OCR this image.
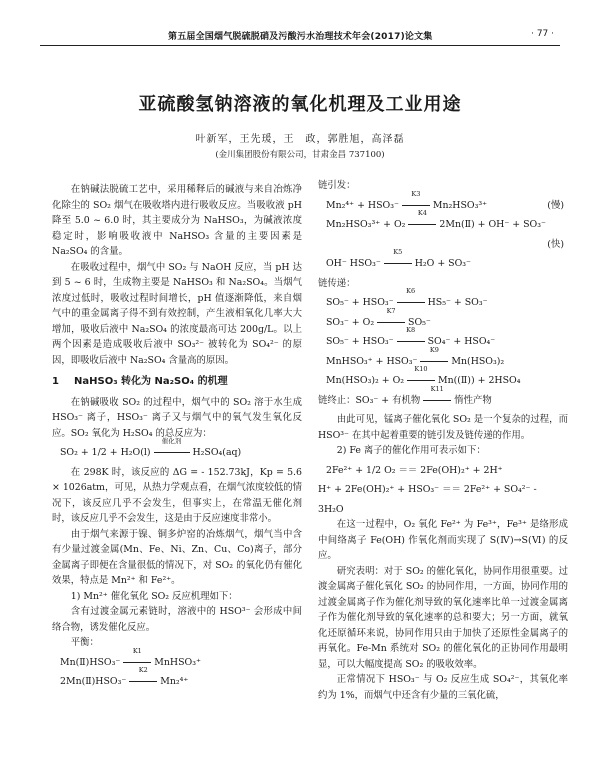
第五届全国烟气脱硫脱硝及污酸污水治理技术年会(2017)论文集	· 77 ·
亚硫酸氢钠溶液的氧化机理及工业用途
叶新军，王先瑗，王　政，郭胜旭，高泽磊
(金川集团股份有限公司，甘肃金昌 737100)

在钠碱法脱硫工艺中，采用稀释后的碱液与来自冶炼净化除尘的 SO₂ 烟气在吸收塔内进行吸收反应。当吸收液 pH 降至 5.0 ~ 6.0 时，其主要成分为 NaHSO₃，为碱液浓度稳定时，影响吸收液中 NaHSO₃ 含量的主要因素是 Na₂SO₄ 的含量。

在吸收过程中，烟气中 SO₂ 与 NaOH 反应，当 pH 达到 5 ~ 6 时，生成物主要是 NaHSO₃ 和 Na₂SO₄。当烟气浓度过低时，吸收过程时间增长，pH 值逐渐降低，来自烟气中的重金属离子得不到有效控制，产生液相氧化几率大大增加，吸收后液中 Na₂SO₄ 的浓度最高可达 200g/L。以上两个因素是造成吸收后液中 SO₃²⁻ 被转化为 SO₄²⁻ 的原因，即吸收后液中 Na₂SO₄ 含量高的原因。

1 NaHSO₃ 转化为 Na₂SO₄ 的机理

在钠碱吸收 SO₂ 的过程中，烟气中的 SO₂ 溶于水生成 HSO₃⁻ 离子，HSO₃⁻ 离子又与烟气中的氧气发生氧化反应。SO₂ 氧化为 H₂SO₄ 的总反应为：

SO₂ + 1/2 + H₂O(l)
催化剂
H₂SO₄(aq)

在 298K 时，该反应的 ΔG = - 152.73kJ，Kp = 5.6 × 1026atm，可见，从热力学观点看，在烟气浓度较低的情况下，该反应几乎不会发生，但事实上，在常温无催化剂时，该反应几乎不会发生，这是由于反应速度非常小。

由于烟气来源于镍、铜多炉窑的冶炼烟气，烟气当中含有少量过渡金属(Mn、Fe、Ni、Zn、Cu、Co)离子，部分金属离子即便在含量很低的情况下，对 SO₂ 的氧化仍有催化效果，特点是 Mn²⁺ 和 Fe²⁺。

1) Mn²⁺ 催化氧化 SO₂ 反应机理如下：

含有过渡金属元素链时，溶液中的 HSO³⁻ 会形成中间络合物，诱发催化反应。

平衡：

Mn(Ⅱ)HSO₃⁻
K1
MnHSO₃⁺
2Mn(Ⅱ)HSO₃⁻
K2
Mn₂⁴⁺

链引发：

Mn₂⁴⁺ + HSO₃⁻
K3
Mn₂HSO₃³⁺	(慢)
Mn₂HSO₃³⁺ + O₂
K4
2Mn(Ⅱ) + OH⁻ + SO₃⁻
(快)
OH⁻ HSO₃⁻
K5
H₂O + SO₃⁻

链传递：

SO₅⁻ + HSO₃⁻
K6
HS₅⁻ + SO₃⁻
SO₃⁻ + O₂
K7
SO₅⁻
SO₅⁻ + HSO₃⁻
K8
SO₄⁻ + HSO₄⁻
MnHSO₃⁺ + HSO₃⁻
K9
Mn(HSO₃)₂
Mn(HSO₃)₂ + O₂
K10
Mn((Ⅱ)) + 2HSO₄
链终止：SO₃⁻ + 有机物
K11
惰性产物

由此可见，锰离子催化氧化 SO₂ 是一个复杂的过程，而 HSO³⁻ 在其中起着重要的链引发及链传递的作用。

2) Fe 离子的催化作用可表示如下：

2Fe²⁺ + 1/2 O₂ ＝＝ 2Fe(OH)₂⁺ + 2H⁺
H⁺ + 2Fe(OH)₂⁺ + HSO₃⁻ ＝＝ 2Fe²⁺ + SO₄²⁻ -

3H₂O

在这一过程中，O₂ 氧化 Fe²⁺ 为 Fe³⁺，Fe³⁺ 是络形成中间络离子 Fe(OH) 作氧化剂而实现了 S(Ⅳ)→S(Ⅵ) 的反应。

研究表明：对于 SO₂ 的催化氧化，协同作用很重要。过渡金属离子催化氧化 SO₂ 的协同作用，一方面，协同作用的过渡金属离子作为催化剂导致的氧化速率比单一过渡金属离子作为催化剂导致的氧化速率的总和要大；另一方面，就氧化还原循环来说，协同作用只由于加快了还原性金属离子的再氧化。Fe-Mn 系统对 SO₂ 的催化氧化的正协同作用最明显，可以大幅度提高 SO₂ 的吸收效率。

正常情况下 HSO₃⁻ 与 O₂ 反应生成 SO₄²⁻，其氧化率约为 1%，而烟气中还含有少量的三氧化硫，
